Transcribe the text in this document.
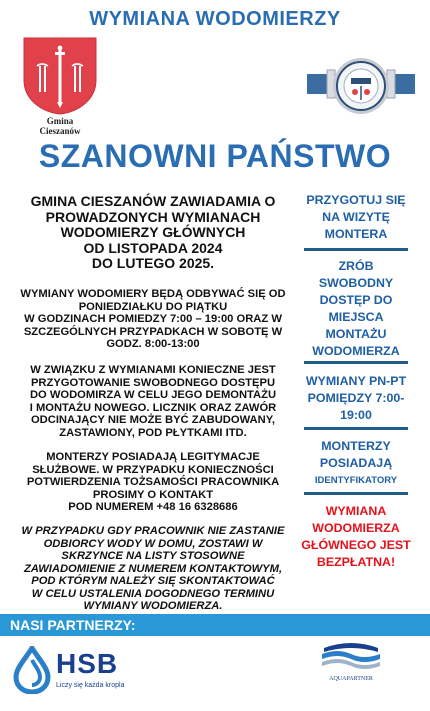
WYMIANA WODOMIERZY
Gmina
Cieszanów
SZANOWNI PAŃSTWO
GMINA CIESZANÓW ZAWIADAMIA O
PROWADZONYCH WYMIANACH
WODOMIERZY GŁÓWNYCH
OD LISTOPADA 2024
DO LUTEGO 2025.
WYMIANY WODOMIERY BĘDĄ ODBYWAĆ SIĘ OD
PONIEDZIAŁKU DO PIĄTKU
W GODZINACH POMIEDZY 7:00 – 19:00 ORAZ W
SZCZEGÓLNYCH PRZYPADKACH W SOBOTĘ W
GODZ. 8:00-13:00
W ZWIĄZKU Z WYMIANAMI KONIECZNE JEST
PRZYGOTOWANIE SWOBODNEGO DOSTĘPU
DO WODOMIRZA W CELU JEGO DEMONTAŻU
I MONTAŻU NOWEGO. LICZNIK ORAZ ZAWÓR
ODCINAJĄCY NIE MOŻE BYĆ ZABUDOWANY,
ZASTAWIONY, POD PŁYTKAMI ITD.
MONTERZY POSIADAJĄ LEGITYMACJE
SŁUŻBOWE. W PRZYPADKU KONIECZNOŚCI
POTWIERDZENIA TOŻSAMOŚCI PRACOWNIKA
PROSIMY O KONTAKT
POD NUMEREM +48 16 6328686
W PRZYPADKU GDY PRACOWNIK NIE ZASTANIE
ODBIORCY WODY W DOMU, ZOSTAWI W
SKRZYNCE NA LISTY STOSOWNE
ZAWIADOMIENIE Z NUMEREM KONTAKTOWYM,
POD KTÓRYM NALEŻY SIĘ SKONTAKTOWAĆ
W CELU USTALENIA DOGODNEGO TERMINU
WYMIANY WODOMIERZA.
PRZYGOTUJ SIĘ
NA WIZYTĘ
MONTERA
ZRÓB
SWOBODNY
DOSTĘP DO
MIEJSCA
MONTAŻU
WODOMIERZA
WYMIANY PN-PT
POMIĘDZY 7:00-
19:00
MONTERZY
POSIADAJĄ
IDENTYFIKATORY
WYMIANA
WODOMIERZA
GŁÓWNEGO JEST
BEZPŁATNA!
NASI PARTNERZY:
HSB
Liczy się każda kropla
AQUAPARTNER
